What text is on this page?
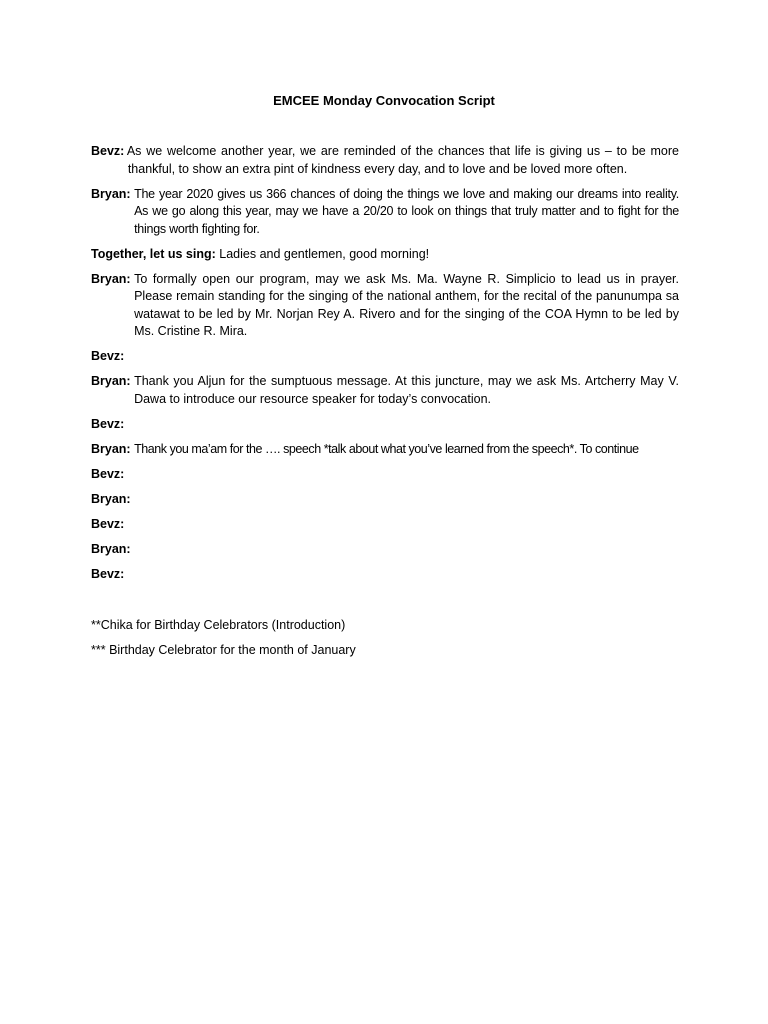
EMCEE Monday Convocation Script
Bevz:
As we welcome another year, we are reminded of the chances that life is giving us – to be more thankful, to show an extra pint of kindness every day, and to love and be loved more often.
Bryan:
The year 2020 gives us 366 chances of doing the things we love and making our dreams into reality. As we go along this year, may we have a 20/20 to look on things that truly matter and to fight for the things worth fighting for.
Together, let us sing: Ladies and gentlemen, good morning!
Bryan:
To formally open our program, may we ask Ms. Ma. Wayne R. Simplicio to lead us in prayer. Please remain standing for the singing of the national anthem, for the recital of the panunumpa sa watawat to be led by Mr. Norjan Rey A. Rivero and for the singing of the COA Hymn to be led by Ms. Cristine R. Mira.
Bevz:
Bryan:
Thank you Aljun for the sumptuous message. At this juncture, may we ask Ms. Artcherry May V. Dawa to introduce our resource speaker for today’s convocation.
Bevz:
Bryan: Thank you ma’am for the …. speech *talk about what you’ve learned from the speech*. To continue
Bevz:
Bryan:
Bevz:
Bryan:
Bevz:
**Chika for Birthday Celebrators (Introduction)
*** Birthday Celebrator for the month of January
